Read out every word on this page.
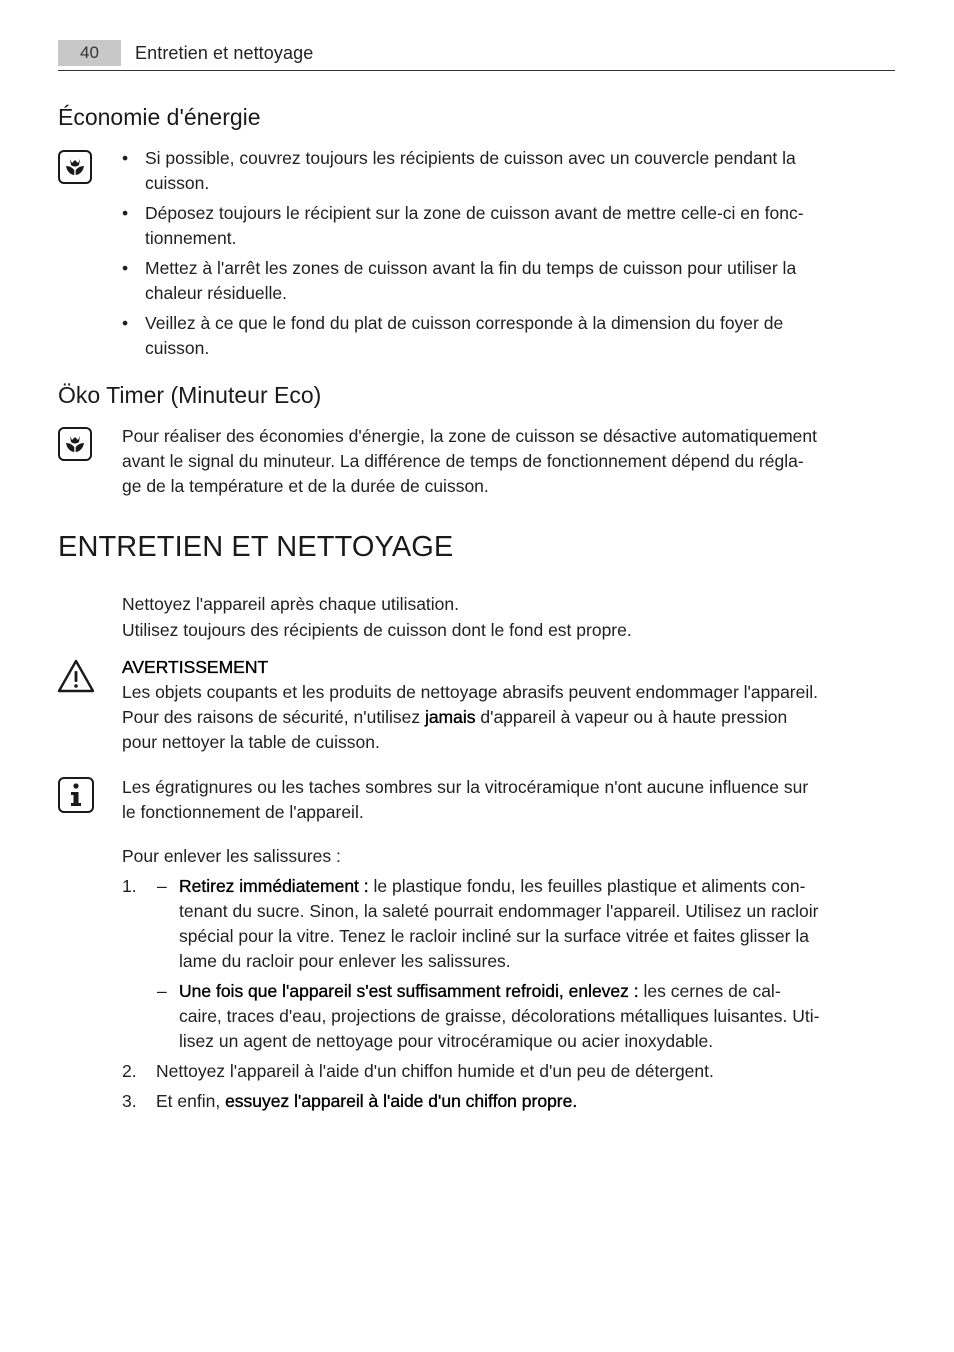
40	Entretien et nettoyage
Économie d'énergie
• Si possible, couvrez toujours les récipients de cuisson avec un couvercle pendant la
cuisson.
• Déposez toujours le récipient sur la zone de cuisson avant de mettre celle-ci en fonc-
tionnement.
• Mettez à l'arrêt les zones de cuisson avant la fin du temps de cuisson pour utiliser la
chaleur résiduelle.
• Veillez à ce que le fond du plat de cuisson corresponde à la dimension du foyer de
cuisson.
Öko Timer (Minuteur Eco)
Pour réaliser des économies d'énergie, la zone de cuisson se désactive automatiquement
avant le signal du minuteur. La différence de temps de fonctionnement dépend du régla-
ge de la température et de la durée de cuisson.
ENTRETIEN ET NETTOYAGE
Nettoyez l'appareil après chaque utilisation.
Utilisez toujours des récipients de cuisson dont le fond est propre.
AVERTISSEMENT
Les objets coupants et les produits de nettoyage abrasifs peuvent endommager l'appareil.
Pour des raisons de sécurité, n'utilisez jamais d'appareil à vapeur ou à haute pression
pour nettoyer la table de cuisson.
Les égratignures ou les taches sombres sur la vitrocéramique n'ont aucune influence sur
le fonctionnement de l'appareil.
Pour enlever les salissures :
1. – Retirez immédiatement : le plastique fondu, les feuilles plastique et aliments con-
tenant du sucre. Sinon, la saleté pourrait endommager l'appareil. Utilisez un racloir
spécial pour la vitre. Tenez le racloir incliné sur la surface vitrée et faites glisser la
lame du racloir pour enlever les salissures.
– Une fois que l'appareil s'est suffisamment refroidi, enlevez : les cernes de cal-
caire, traces d'eau, projections de graisse, décolorations métalliques luisantes. Uti-
lisez un agent de nettoyage pour vitrocéramique ou acier inoxydable.
2. Nettoyez l'appareil à l'aide d'un chiffon humide et d'un peu de détergent.
3. Et enfin, essuyez l'appareil à l'aide d'un chiffon propre.
